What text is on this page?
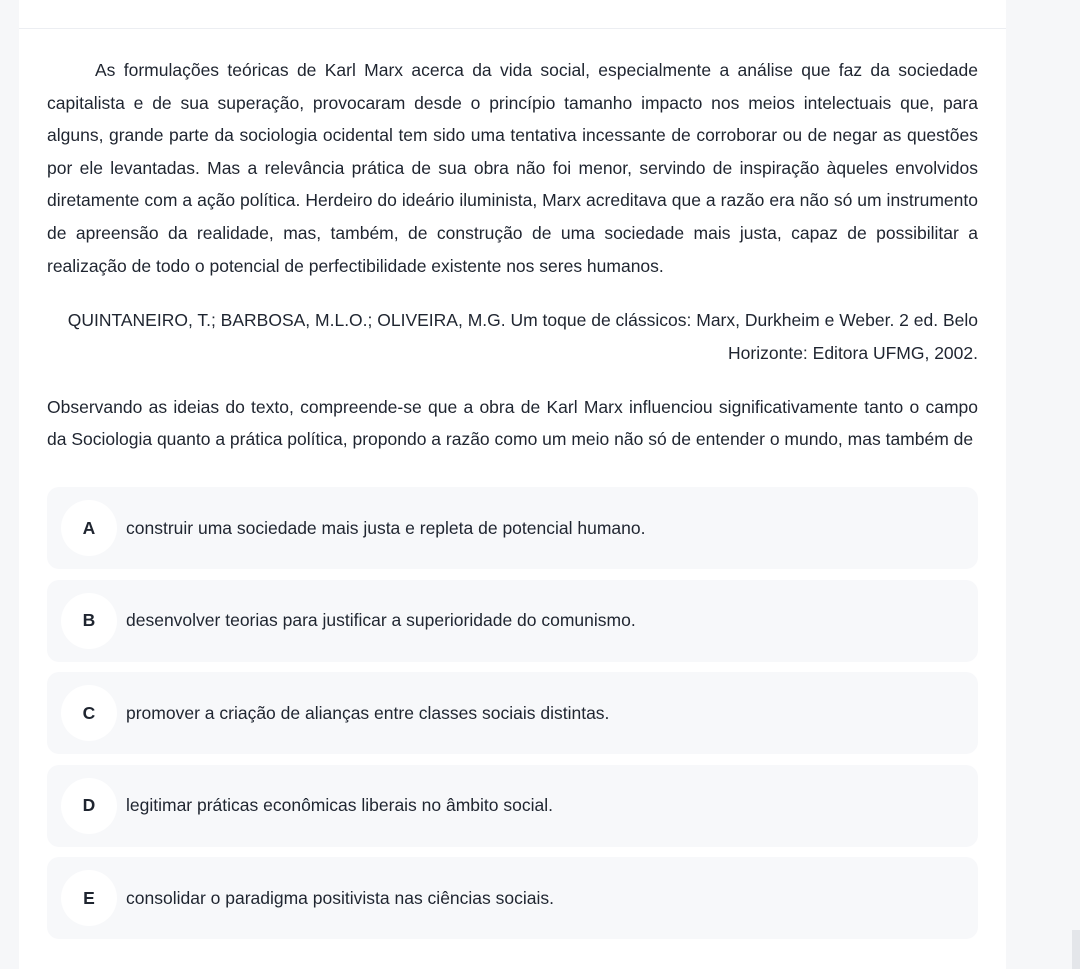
As formulações teóricas de Karl Marx acerca da vida social, especialmente a análise que faz da sociedade capitalista e de sua superação, provocaram desde o princípio tamanho impacto nos meios intelectuais que, para alguns, grande parte da sociologia ocidental tem sido uma tentativa incessante de corroborar ou de negar as questões por ele levantadas. Mas a relevância prática de sua obra não foi menor, servindo de inspiração àqueles envolvidos diretamente com a ação política. Herdeiro do ideário iluminista, Marx acreditava que a razão era não só um instrumento de apreensão da realidade, mas, também, de construção de uma sociedade mais justa, capaz de possibilitar a realização de todo o potencial de perfectibilidade existente nos seres humanos.

QUINTANEIRO, T.; BARBOSA, M.L.O.; OLIVEIRA, M.G. Um toque de clássicos: Marx, Durkheim e Weber. 2 ed. Belo Horizonte: Editora UFMG, 2002.

Observando as ideias do texto, compreende-se que a obra de Karl Marx influenciou significativamente tanto o campo da Sociologia quanto a prática política, propondo a razão como um meio não só de entender o mundo, mas também de

A	construir uma sociedade mais justa e repleta de potencial humano.
B	desenvolver teorias para justificar a superioridade do comunismo.
C	promover a criação de alianças entre classes sociais distintas.
D	legitimar práticas econômicas liberais no âmbito social.
E	consolidar o paradigma positivista nas ciências sociais.
